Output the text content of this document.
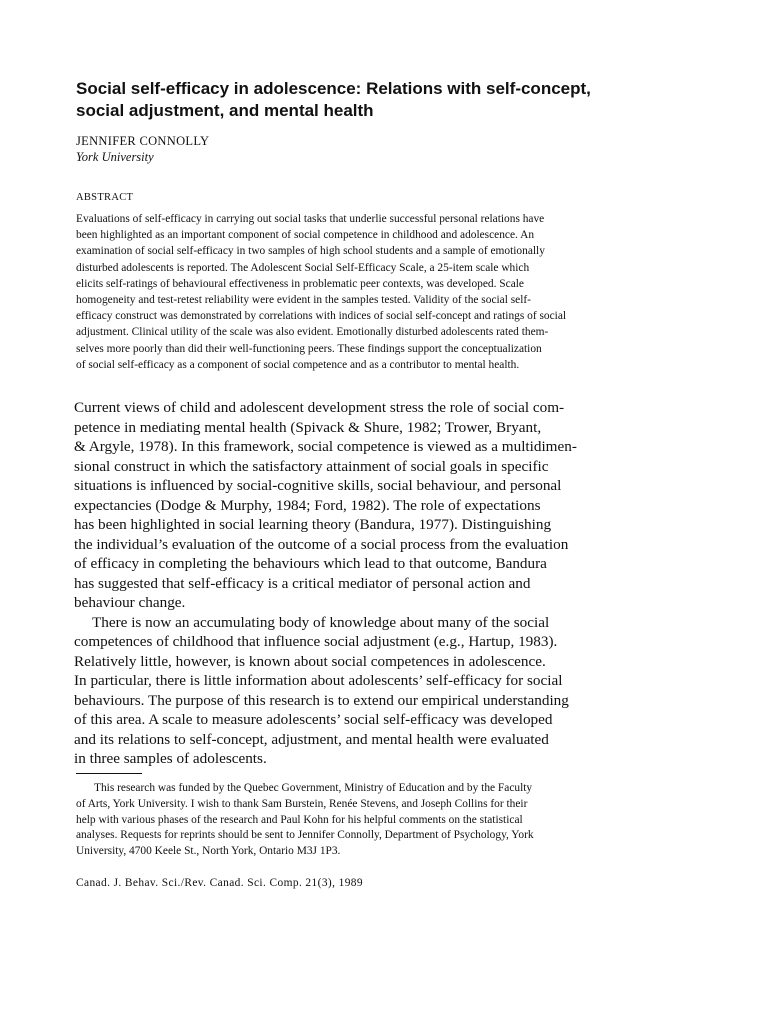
Social self-efficacy in adolescence: Relations with self-concept,
social adjustment, and mental health
JENNIFER CONNOLLY
York University
ABSTRACT
Evaluations of self-efficacy in carrying out social tasks that underlie successful personal relations have
been highlighted as an important component of social competence in childhood and adolescence. An
examination of social self-efficacy in two samples of high school students and a sample of emotionally
disturbed adolescents is reported. The Adolescent Social Self-Efficacy Scale, a 25-item scale which
elicits self-ratings of behavioural effectiveness in problematic peer contexts, was developed. Scale
homogeneity and test-retest reliability were evident in the samples tested. Validity of the social self-
efficacy construct was demonstrated by correlations with indices of social self-concept and ratings of social
adjustment. Clinical utility of the scale was also evident. Emotionally disturbed adolescents rated them-
selves more poorly than did their well-functioning peers. These findings support the conceptualization
of social self-efficacy as a component of social competence and as a contributor to mental health.
Current views of child and adolescent development stress the role of social com-
petence in mediating mental health (Spivack & Shure, 1982; Trower, Bryant,
& Argyle, 1978). In this framework, social competence is viewed as a multidimen-
sional construct in which the satisfactory attainment of social goals in specific
situations is influenced by social-cognitive skills, social behaviour, and personal
expectancies (Dodge & Murphy, 1984; Ford, 1982). The role of expectations
has been highlighted in social learning theory (Bandura, 1977). Distinguishing
the individual’s evaluation of the outcome of a social process from the evaluation
of efficacy in completing the behaviours which lead to that outcome, Bandura
has suggested that self-efficacy is a critical mediator of personal action and
behaviour change.
There is now an accumulating body of knowledge about many of the social
competences of childhood that influence social adjustment (e.g., Hartup, 1983).
Relatively little, however, is known about social competences in adolescence.
In particular, there is little information about adolescents’ self-efficacy for social
behaviours. The purpose of this research is to extend our empirical understanding
of this area. A scale to measure adolescents’ social self-efficacy was developed
and its relations to self-concept, adjustment, and mental health were evaluated
in three samples of adolescents.
This research was funded by the Quebec Government, Ministry of Education and by the Faculty
of Arts, York University. I wish to thank Sam Burstein, Renée Stevens, and Joseph Collins for their
help with various phases of the research and Paul Kohn for his helpful comments on the statistical
analyses. Requests for reprints should be sent to Jennifer Connolly, Department of Psychology, York
University, 4700 Keele St., North York, Ontario M3J 1P3.
Canad. J. Behav. Sci./Rev. Canad. Sci. Comp. 21(3), 1989
